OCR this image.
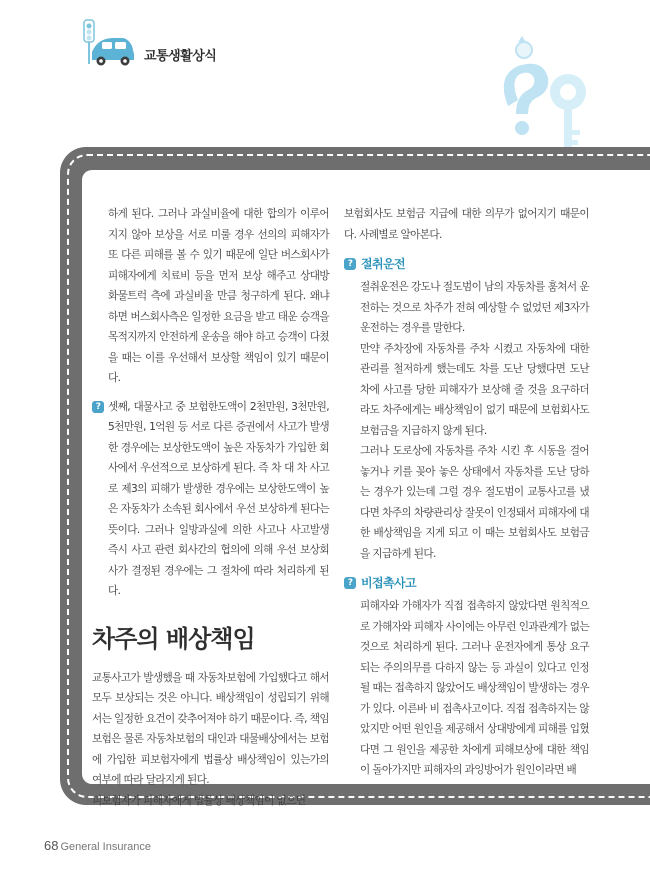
교통생활상식

하게 된다. 그러나 과실비율에 대한 합의가 이루어지지 않아 보상을 서로 미룰 경우 선의의 피해자가 또 다른 피해를 볼 수 있기 때문에 일단 버스회사가 피해자에게 치료비 등을 먼저 보상 해주고 상대방 화물트럭 측에 과실비율 만큼 청구하게 된다. 왜냐하면 버스회사측은 일정한 요금을 받고 태운 승객을 목적지까지 안전하게 운송을 해야 하고 승객이 다쳤을 때는 이를 우선해서 보상할 책임이 있기 때문이다.

? 셋째, 대물사고 중 보험한도액이 2천만원, 3천만원, 5천만원, 1억원 등 서로 다른 증권에서 사고가 발생한 경우에는 보상한도액이 높은 자동차가 가입한 회사에서 우선적으로 보상하게 된다. 즉 차 대 차 사고로 제3의 피해가 발생한 경우에는 보상한도액이 높은 자동차가 소속된 회사에서 우선 보상하게 된다는 뜻이다. 그러나 일방과실에 의한 사고나 사고발생 즉시 사고 관련 회사간의 협의에 의해 우선 보상회사가 결정된 경우에는 그 절차에 따라 처리하게 된다.

차주의 배상책임

교통사고가 발생했을 때 자동차보험에 가입했다고 해서 모두 보상되는 것은 아니다. 배상책임이 성립되기 위해서는 일정한 요건이 갖추어져야 하기 때문이다. 즉, 책임보험은 물론 자동차보험의 대인과 대물배상에서는 보험에 가입한 피보험자에게 법률상 배상책임이 있는가의 여부에 따라 달라지게 된다.

피보험자가 피해자에게 법률상 배상책임이 없으면

보험회사도 보험금 지급에 대한 의무가 없어지기 때문이다. 사례별로 알아본다.

? 절취운전

절취운전은 강도나 절도범이 남의 자동차를 훔쳐서 운전하는 것으로 차주가 전혀 예상할 수 없었던 제3자가 운전하는 경우를 말한다.

만약 주차장에 자동차를 주차 시켰고 자동차에 대한 관리를 철저하게 했는데도 차를 도난 당했다면 도난 차에 사고를 당한 피해자가 보상해 줄 것을 요구하더라도 차주에게는 배상책임이 없기 때문에 보험회사도 보험금을 지급하지 않게 된다.

그러나 도로상에 자동차를 주차 시킨 후 시동을 걸어 놓거나 키를 꽂아 놓은 상태에서 자동차를 도난 당하는 경우가 있는데 그럴 경우 절도범이 교통사고를 냈다면 차주의 차량관리상 잘못이 인정돼서 피해자에 대한 배상책임을 지게 되고 이 때는 보험회사도 보험금을 지급하게 된다.

? 비접촉사고

피해자와 가해자가 직접 접촉하지 않았다면 원칙적으로 가해자와 피해자 사이에는 아무런 인과관계가 없는 것으로 처리하게 된다. 그러나 운전자에게 통상 요구되는 주의의무를 다하지 않는 등 과실이 있다고 인정될 때는 접촉하지 않았어도 배상책임이 발생하는 경우가 있다. 이른바 비 접촉사고이다. 직접 접촉하지는 않았지만 어떤 원인을 제공해서 상대방에게 피해를 입혔다면 그 원인을 제공한 차에게 피해보상에 대한 책임이 돌아가지만 피해자의 과잉방어가 원인이라면 배

68 General Insurance
